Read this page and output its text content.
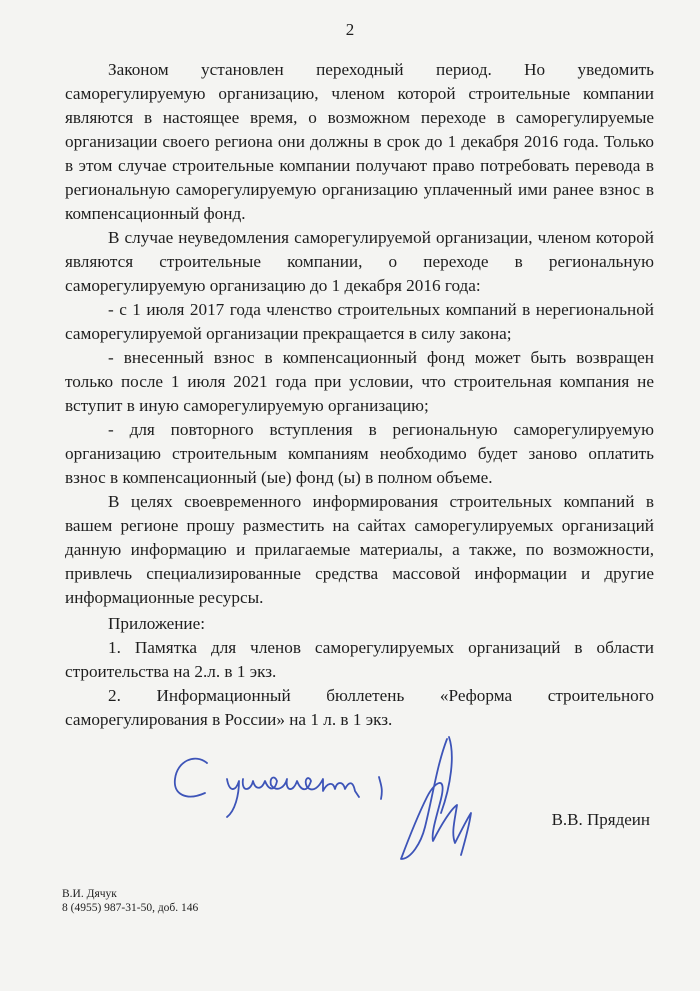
2

Законом установлен переходный период. Но уведомить саморегулируемую организацию, членом которой строительные компании являются в настоящее время, о возможном переходе в саморегулируемые организации своего региона они должны в срок до 1 декабря 2016 года. Только в этом случае строительные компании получают право потребовать перевода в региональную саморегулируемую организацию уплаченный ими ранее взнос в компенсационный фонд.

В случае неуведомления саморегулируемой организации, членом которой являются строительные компании, о переходе в региональную саморегулируемую организацию до 1 декабря 2016 года:

- с 1 июля 2017 года членство строительных компаний в нерегиональной саморегулируемой организации прекращается в силу закона;

- внесенный взнос в компенсационный фонд может быть возвращен только после 1 июля 2021 года при условии, что строительная компания не вступит в иную саморегулируемую организацию;

- для повторного вступления в региональную саморегулируемую организацию строительным компаниям необходимо будет заново оплатить взнос в компенсационный (ые) фонд (ы) в полном объеме.

В целях своевременного информирования строительных компаний в вашем регионе прошу разместить на сайтах саморегулируемых организаций данную информацию и прилагаемые материалы, а также, по возможности, привлечь специализированные средства массовой информации и другие информационные ресурсы.

Приложение:

1. Памятка для членов саморегулируемых организаций в области строительства на 2.л. в 1 экз.

2. Информационный бюллетень «Реформа строительного саморегулирования в России» на 1 л. в 1 экз.

В.В. Прядеин
В.И. Дячук
8 (4955) 987-31-50, доб. 146
